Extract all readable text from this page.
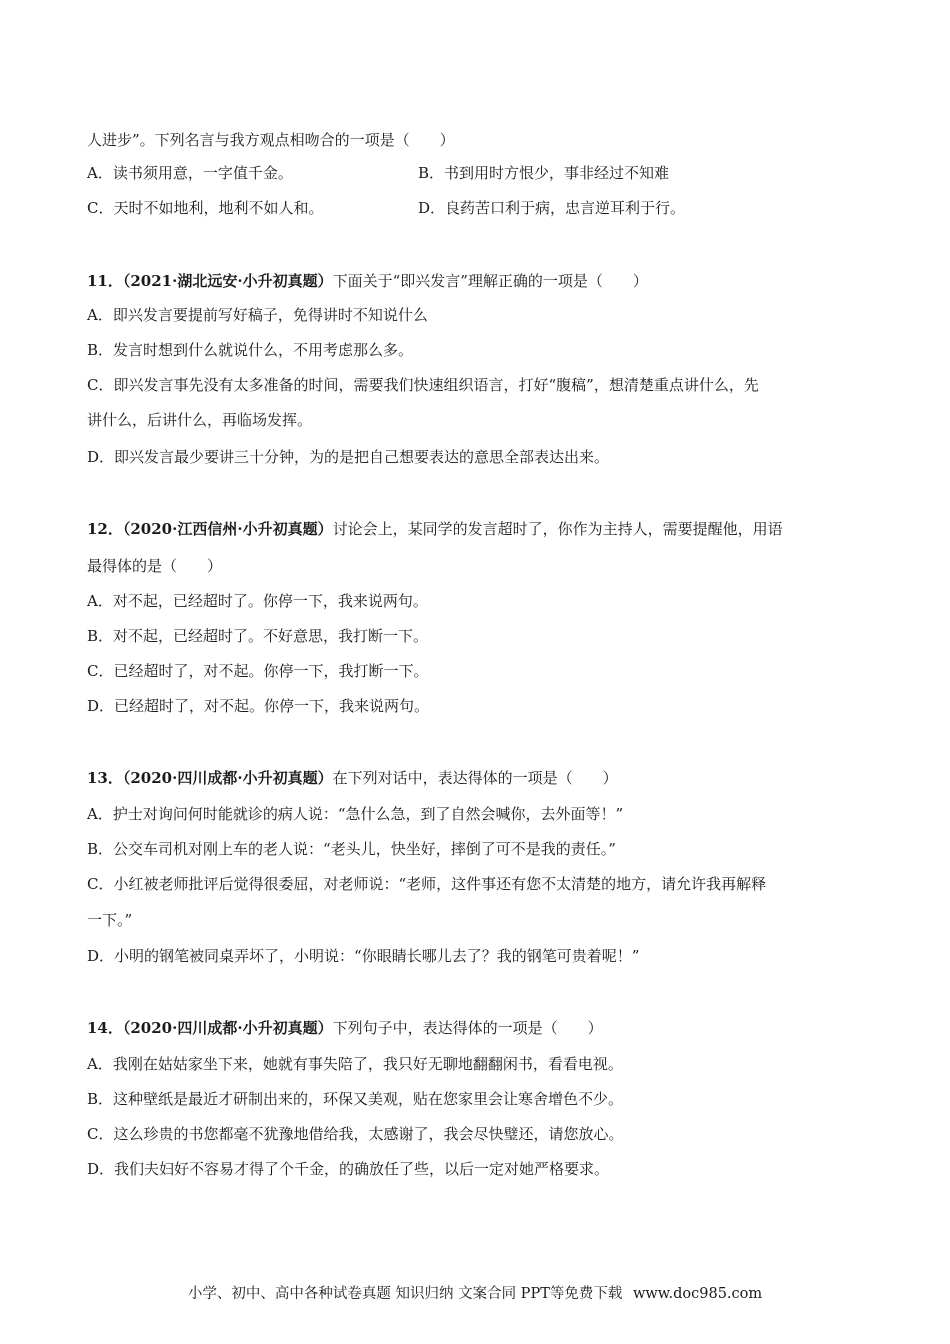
人进步”。下列名言与我方观点相吻合的一项是（　　）
A．读书须用意，一字值千金。	B．书到用时方恨少，事非经过不知难
C．天时不如地利，地利不如人和。	D．良药苦口利于病，忠言逆耳利于行。
11．（2021·湖北远安·小升初真题）下面关于“即兴发言”理解正确的一项是（　　）
A．即兴发言要提前写好稿子，免得讲时不知说什么
B．发言时想到什么就说什么，不用考虑那么多。
C．即兴发言事先没有太多准备的时间，需要我们快速组织语言，打好“腹稿”，想清楚重点讲什么，先
讲什么，后讲什么，再临场发挥。
D．即兴发言最少要讲三十分钟，为的是把自己想要表达的意思全部表达出来。
12．（2020·江西信州·小升初真题）讨论会上，某同学的发言超时了，你作为主持人，需要提醒他，用语
最得体的是（　　）
A．对不起，已经超时了。你停一下，我来说两句。
B．对不起，已经超时了。不好意思，我打断一下。
C．已经超时了，对不起。你停一下，我打断一下。
D．已经超时了，对不起。你停一下，我来说两句。
13．（2020·四川成都·小升初真题）在下列对话中，表达得体的一项是（　　）
A．护士对询问何时能就诊的病人说：“急什么急，到了自然会喊你，去外面等！”
B．公交车司机对刚上车的老人说：“老头儿，快坐好，摔倒了可不是我的责任。”
C．小红被老师批评后觉得很委屈，对老师说：“老师，这件事还有您不太清楚的地方，请允许我再解释
一下。”
D．小明的钢笔被同桌弄坏了，小明说：“你眼睛长哪儿去了？我的钢笔可贵着呢！”
14．（2020·四川成都·小升初真题）下列句子中，表达得体的一项是（　　）
A．我刚在姑姑家坐下来，她就有事失陪了，我只好无聊地翻翻闲书，看看电视。
B．这种壁纸是最近才研制出来的，环保又美观，贴在您家里会让寒舍增色不少。
C．这么珍贵的书您都毫不犹豫地借给我，太感谢了，我会尽快璧还，请您放心。
D．我们夫妇好不容易才得了个千金，的确放任了些，以后一定对她严格要求。
小学、初中、高中各种试卷真题 知识归纳 文案合同 PPT等免费下载 www.doc985.com
